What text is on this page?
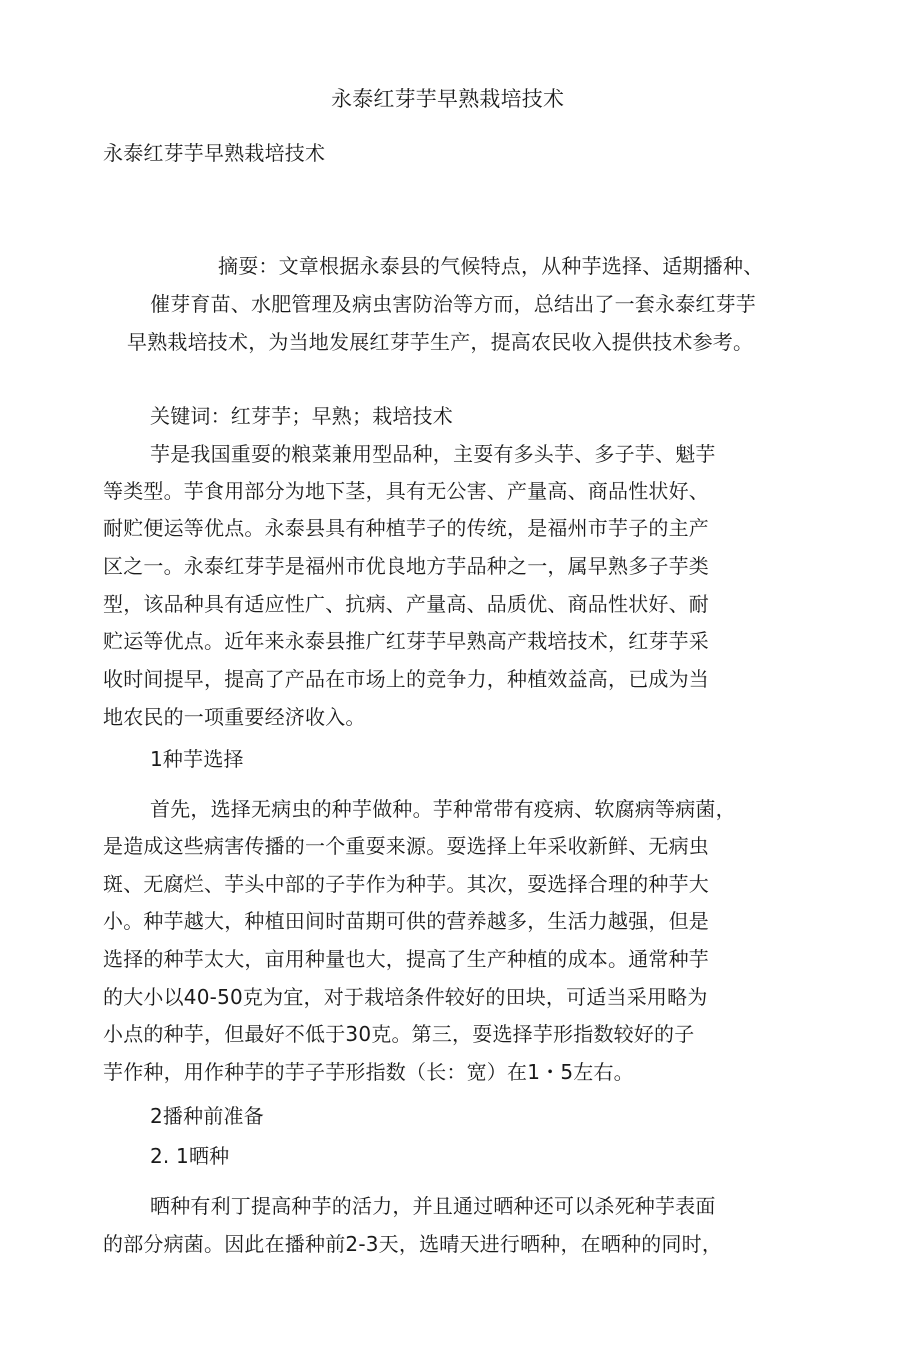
永泰红芽芋早熟栽培技术
永泰红芽芋早熟栽培技术
摘耍：文章根据永泰县的气候特点，从种芋选择、适期播种、
催芽育苗、水肥管理及病虫害防治等方而，总结出了一套永泰红芽芋
早熟栽培技术，为当地发展红芽芋生产，提高农民收入提供技术参考。
关键词：红芽芋；早熟；栽培技术
芋是我国重耍的粮菜兼用型品种，主耍有多头芋、多子芋、魁芋
等类型。芋食用部分为地下茎，具有无公害、产量高、商品性状好、
耐贮便运等优点。永泰县具有种植芋子的传统，是福州市芋子的主产
区之一。永泰红芽芋是福州市优良地方芋品种之一，属早熟多子芋类
型，该品种具有适应性广、抗病、产量高、品质优、商品性状好、耐
贮运等优点。近年来永泰县推广红芽芋早熟高产栽培技术，红芽芋采
收时间提早，提高了产品在市场上的竞争力，种植效益高，已成为当
地农民的一项重要经济收入。
1种芋选择
首先，选择无病虫的种芋做种。芋种常带有疫病、软腐病等病菌，
是造成这些病害传播的一个重耍来源。耍选择上年采收新鲜、无病虫
斑、无腐烂、芋头中部的子芋作为种芋。其次，耍选择合理的种芋大
小。种芋越大，种植田间时苗期可供的营养越多，生活力越强，但是
选择的种芋太大，亩用种量也大，提高了生产种植的成本。通常种芋
的大小以40-50克为宜，对于栽培条件较好的田块，可适当采用略为
小点的种芋，但最好不低于30克。第三，耍选择芋形指数较好的子
芋作种，用作种芋的芋子芋形指数（长：宽）在1・5左右。
2播种前准备
2. 1晒种
晒种有利丁提高种芋的活力，并且通过晒种还可以杀死种芋表面
的部分病菌。因此在播种前2-3天，选晴天进行晒种，在晒种的同时，
